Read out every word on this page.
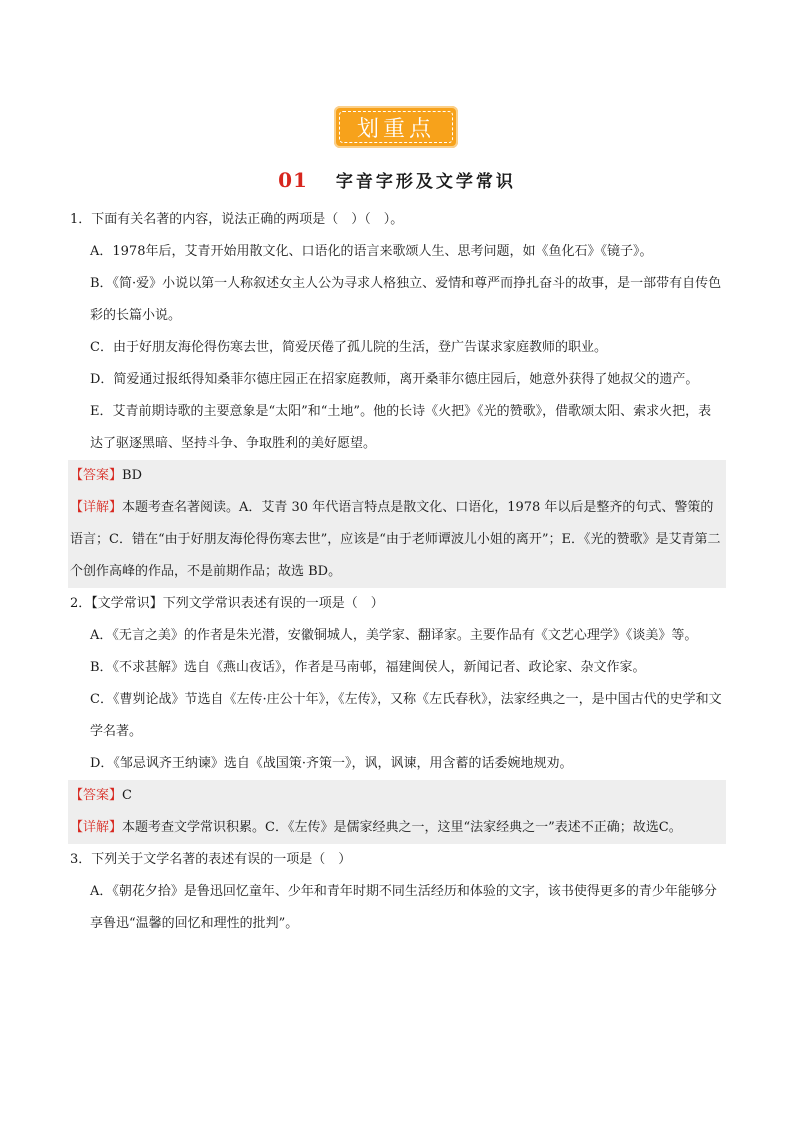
划重点
01 字音字形及文学常识

1．下面有关名著的内容，说法正确的两项是（　）（　）。

A．1978年后，艾青开始用散文化、口语化的语言来歌颂人生、思考问题，如《鱼化石》《镜子》。

B．《简·爱》小说以第一人称叙述女主人公为寻求人格独立、爱情和尊严而挣扎奋斗的故事，是一部带有自传色彩的长篇小说。

C．由于好朋友海伦得伤寒去世，简爱厌倦了孤儿院的生活，登广告谋求家庭教师的职业。

D．简爱通过报纸得知桑菲尔德庄园正在招家庭教师，离开桑菲尔德庄园后，她意外获得了她叔父的遗产。

E．艾青前期诗歌的主要意象是“太阳”和“土地”。他的长诗《火把》《光的赞歌》，借歌颂太阳、索求火把，表达了驱逐黑暗、坚持斗争、争取胜利的美好愿望。

【答案】BD

【详解】本题考查名著阅读。A．艾青 30 年代语言特点是散文化、口语化，1978 年以后是整齐的句式、警策的语言；C．错在“由于好朋友海伦得伤寒去世”，应该是“由于老师谭波儿小姐的离开”；E．《光的赞歌》是艾青第二个创作高峰的作品，不是前期作品；故选 BD。

2．【文学常识】下列文学常识表述有误的一项是（　）

A．《无言之美》的作者是朱光潜，安徽铜城人，美学家、翻译家。主要作品有《文艺心理学》《谈美》等。

B．《不求甚解》选自《燕山夜话》，作者是马南邨，福建闽侯人，新闻记者、政论家、杂文作家。

C．《曹刿论战》节选自《左传·庄公十年》，《左传》，又称《左氏春秋》，法家经典之一，是中国古代的史学和文学名著。

D．《邹忌讽齐王纳谏》选自《战国策·齐策一》，讽，讽谏，用含蓄的话委婉地规劝。

【答案】C

【详解】本题考查文学常识积累。C．《左传》是儒家经典之一，这里“法家经典之一”表述不正确；故选C。

3．下列关于文学名著的表述有误的一项是（　）

A．《朝花夕拾》是鲁迅回忆童年、少年和青年时期不同生活经历和体验的文字，该书使得更多的青少年能够分享鲁迅“温馨的回忆和理性的批判”。
